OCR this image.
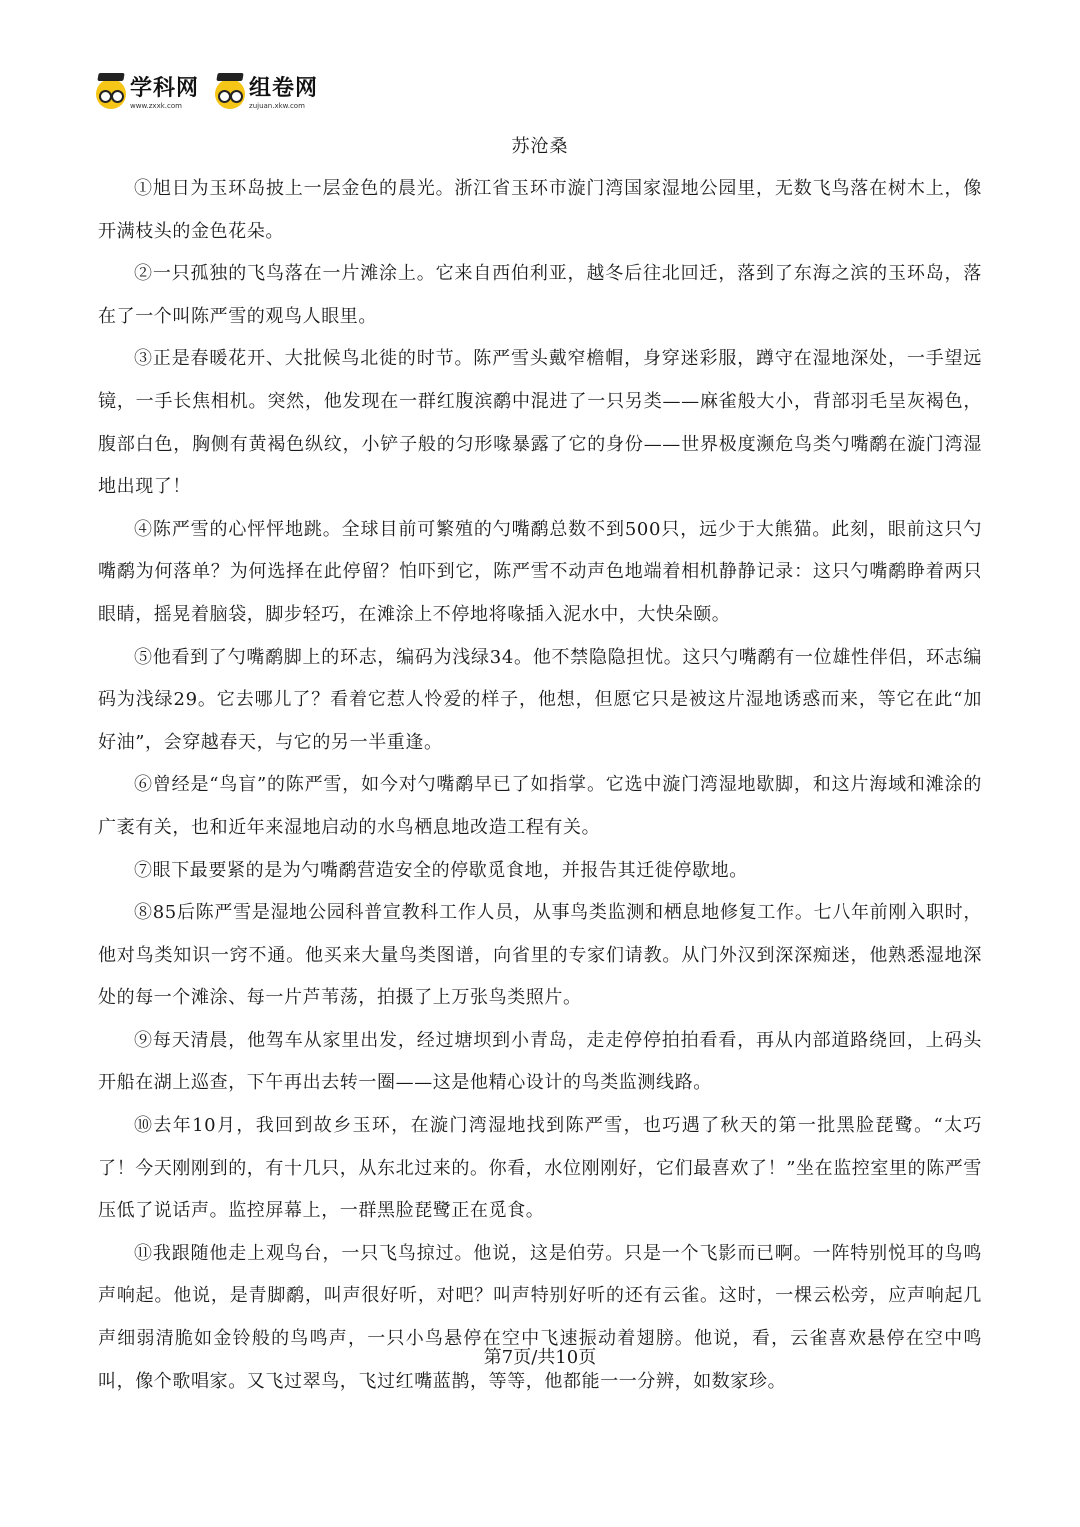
学科网
www.zxxk.com
组卷网
zujuan.xkw.com
苏沧桑

①旭日为玉环岛披上一层金色的晨光。浙江省玉环市漩门湾国家湿地公园里，无数飞鸟落在树木上，像开满枝头的金色花朵。

②一只孤独的飞鸟落在一片滩涂上。它来自西伯利亚，越冬后往北回迁，落到了东海之滨的玉环岛，落在了一个叫陈严雪的观鸟人眼里。

③正是春暖花开、大批候鸟北徙的时节。陈严雪头戴窄檐帽，身穿迷彩服，蹲守在湿地深处，一手望远镜，一手长焦相机。突然，他发现在一群红腹滨鹬中混进了一只另类——麻雀般大小，背部羽毛呈灰褐色，腹部白色，胸侧有黄褐色纵纹，小铲子般的匀形喙暴露了它的身份——世界极度濒危鸟类勺嘴鹬在漩门湾湿地出现了！

④陈严雪的心怦怦地跳。全球目前可繁殖的勺嘴鹬总数不到500只，远少于大熊猫。此刻，眼前这只勺嘴鹬为何落单？为何选择在此停留？怕吓到它，陈严雪不动声色地端着相机静静记录：这只勺嘴鹬睁着两只眼睛，摇晃着脑袋，脚步轻巧，在滩涂上不停地将喙插入泥水中，大快朵颐。

⑤他看到了勺嘴鹬脚上的环志，编码为浅绿34。他不禁隐隐担忧。这只勺嘴鹬有一位雄性伴侣，环志编码为浅绿29。它去哪儿了？看着它惹人怜爱的样子，他想，但愿它只是被这片湿地诱惑而来，等它在此“加好油”，会穿越春天，与它的另一半重逢。

⑥曾经是“鸟盲”的陈严雪，如今对勺嘴鹬早已了如指掌。它选中漩门湾湿地歇脚，和这片海域和滩涂的广袤有关，也和近年来湿地启动的水鸟栖息地改造工程有关。

⑦眼下最要紧的是为勺嘴鹬营造安全的停歇觅食地，并报告其迁徙停歇地。

⑧85后陈严雪是湿地公园科普宣教科工作人员，从事鸟类监测和栖息地修复工作。七八年前刚入职时，他对鸟类知识一窍不通。他买来大量鸟类图谱，向省里的专家们请教。从门外汉到深深痴迷，他熟悉湿地深处的每一个滩涂、每一片芦苇荡，拍摄了上万张鸟类照片。

⑨每天清晨，他驾车从家里出发，经过塘坝到小青岛，走走停停拍拍看看，再从内部道路绕回，上码头开船在湖上巡查，下午再出去转一圈——这是他精心设计的鸟类监测线路。

⑩去年10月，我回到故乡玉环，在漩门湾湿地找到陈严雪，也巧遇了秋天的第一批黑脸琵鹭。“太巧了！今天刚刚到的，有十几只，从东北过来的。你看，水位刚刚好，它们最喜欢了！”坐在监控室里的陈严雪压低了说话声。监控屏幕上，一群黑脸琵鹭正在觅食。

⑪我跟随他走上观鸟台，一只飞鸟掠过。他说，这是伯劳。只是一个飞影而已啊。一阵特别悦耳的鸟鸣声响起。他说，是青脚鹬，叫声很好听，对吧？叫声特别好听的还有云雀。这时，一棵云松旁，应声响起几声细弱清脆如金铃般的鸟鸣声，一只小鸟悬停在空中飞速振动着翅膀。他说，看，云雀喜欢悬停在空中鸣叫，像个歌唱家。又飞过翠鸟，飞过红嘴蓝鹊，等等，他都能一一分辨，如数家珍。

第7页/共10页
